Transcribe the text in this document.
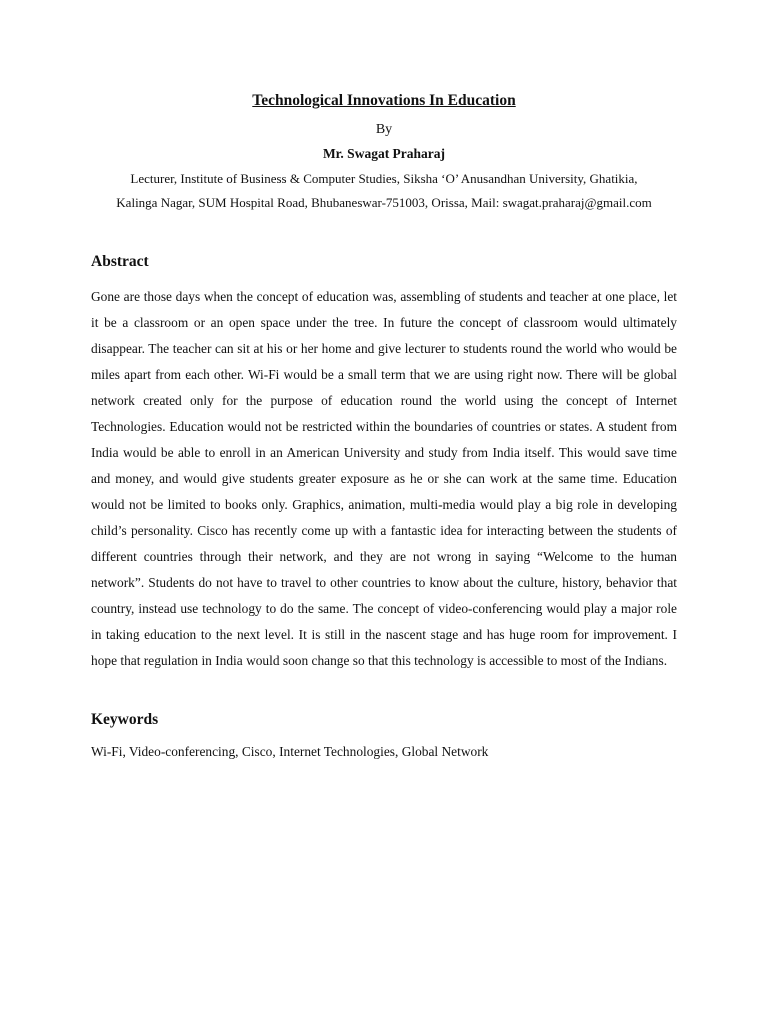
Technological Innovations In Education
By
Mr. Swagat Praharaj
Lecturer, Institute of Business & Computer Studies, Siksha ‘O’ Anusandhan University, Ghatikia,
Kalinga Nagar, SUM Hospital Road, Bhubaneswar-751003, Orissa, Mail: swagat.praharaj@gmail.com
Abstract

Gone are those days when the concept of education was, assembling of students and teacher at one place, let it be a classroom or an open space under the tree. In future the concept of classroom would ultimately disappear. The teacher can sit at his or her home and give lecturer to students round the world who would be miles apart from each other. Wi-Fi would be a small term that we are using right now. There will be global network created only for the purpose of education round the world using the concept of Internet Technologies. Education would not be restricted within the boundaries of countries or states. A student from India would be able to enroll in an American University and study from India itself. This would save time and money, and would give students greater exposure as he or she can work at the same time. Education would not be limited to books only. Graphics, animation, multi-media would play a big role in developing child’s personality. Cisco has recently come up with a fantastic idea for interacting between the students of different countries through their network, and they are not wrong in saying “Welcome to the human network”. Students do not have to travel to other countries to know about the culture, history, behavior that country, instead use technology to do the same. The concept of video-conferencing would play a major role in taking education to the next level. It is still in the nascent stage and has huge room for improvement. I hope that regulation in India would soon change so that this technology is accessible to most of the Indians.

Keywords

Wi-Fi, Video-conferencing, Cisco, Internet Technologies, Global Network
